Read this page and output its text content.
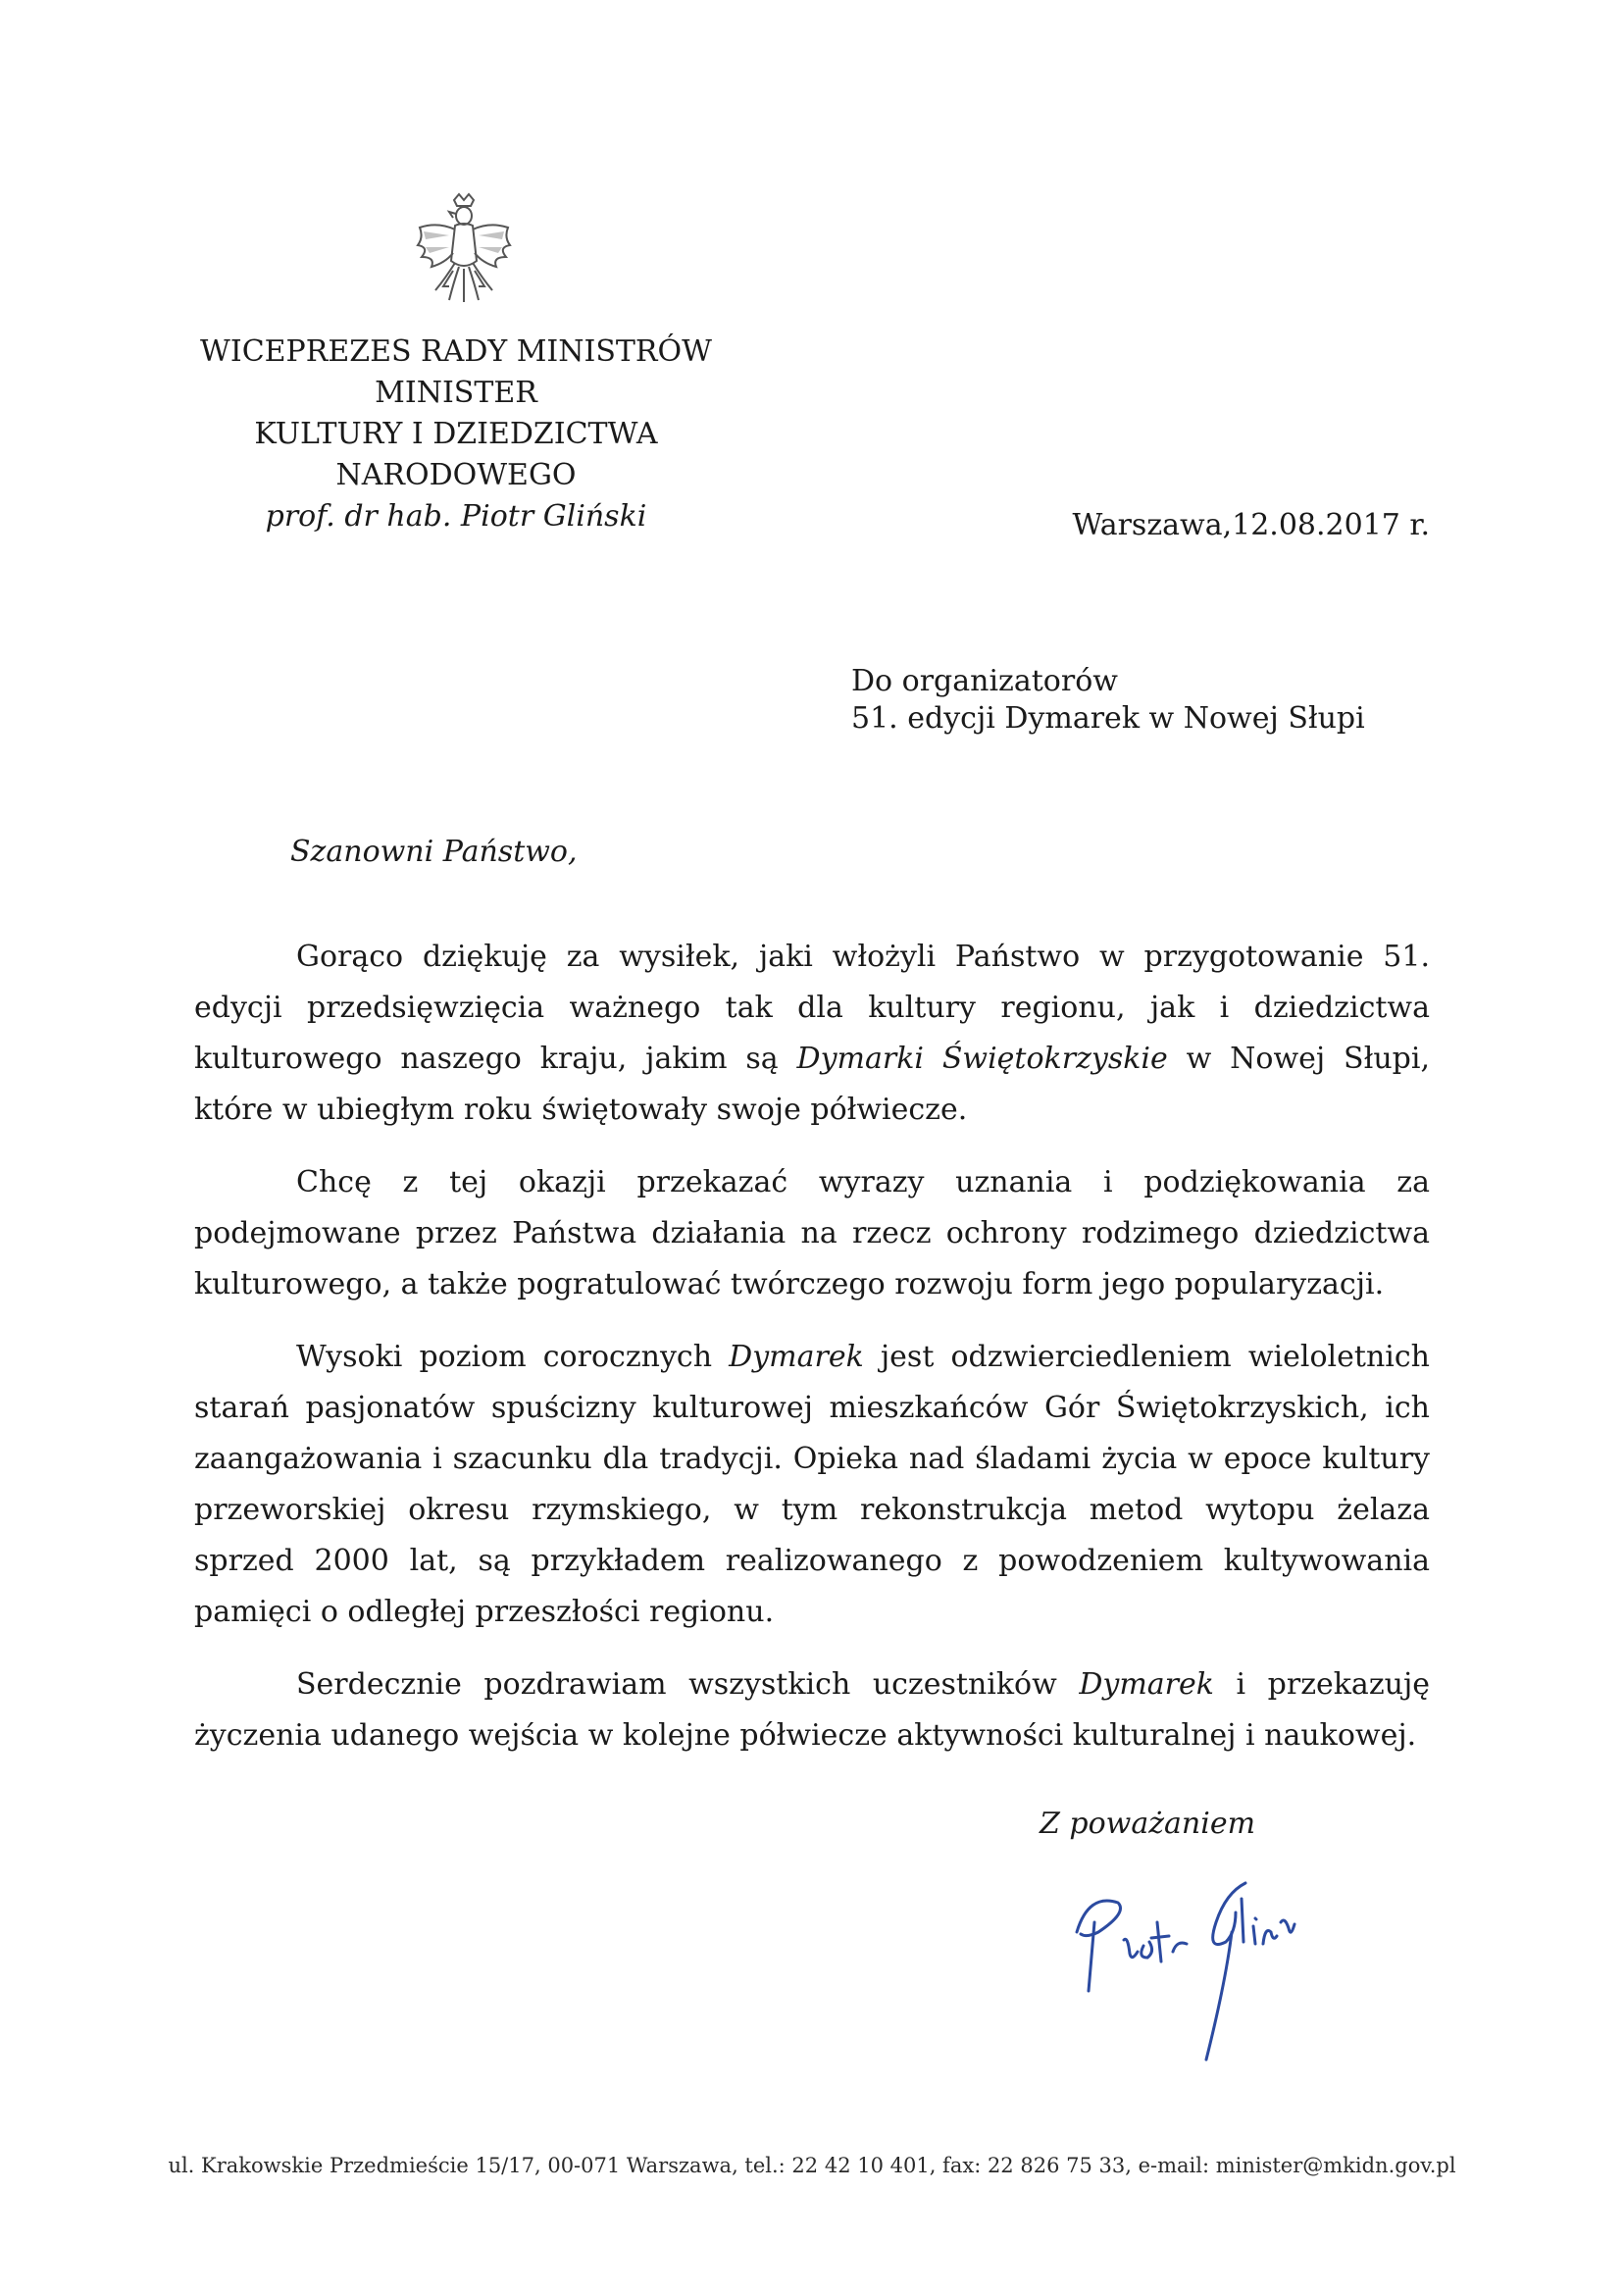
WICEPREZES RADY MINISTRÓW
MINISTER
KULTURY I DZIEDZICTWA NARODOWEGO
prof. dr hab. Piotr Gliński	Warszawa,12.08.2017 r.
Do organizatorów
51. edycji Dymarek w Nowej Słupi
Szanowni Państwo,

Gorąco dziękuję za wysiłek, jaki włożyli Państwo w przygotowanie 51. edycji przedsięwzięcia ważnego tak dla kultury regionu, jak i dziedzictwa kulturowego naszego kraju, jakim są Dymarki Świętokrzyskie w Nowej Słupi, które w ubiegłym roku świętowały swoje półwiecze.

Chcę z tej okazji przekazać wyrazy uznania i podziękowania za podejmowane przez Państwa działania na rzecz ochrony rodzimego dziedzictwa kulturowego, a także pogratulować twórczego rozwoju form jego popularyzacji.

Wysoki poziom corocznych Dymarek jest odzwierciedleniem wieloletnich starań pasjonatów spuścizny kulturowej mieszkańców Gór Świętokrzyskich, ich zaangażowania i szacunku dla tradycji. Opieka nad śladami życia w epoce kultury przeworskiej okresu rzymskiego, w tym rekonstrukcja metod wytopu żelaza sprzed 2000 lat, są przykładem realizowanego z powodzeniem kultywowania pamięci o odległej przeszłości regionu.

Serdecznie pozdrawiam wszystkich uczestników Dymarek i przekazuję życzenia udanego wejścia w kolejne półwiecze aktywności kulturalnej i naukowej.

Z poważaniem
ul. Krakowskie Przedmieście 15/17, 00-071 Warszawa, tel.: 22 42 10 401, fax: 22 826 75 33, e-mail: minister@mkidn.gov.pl
